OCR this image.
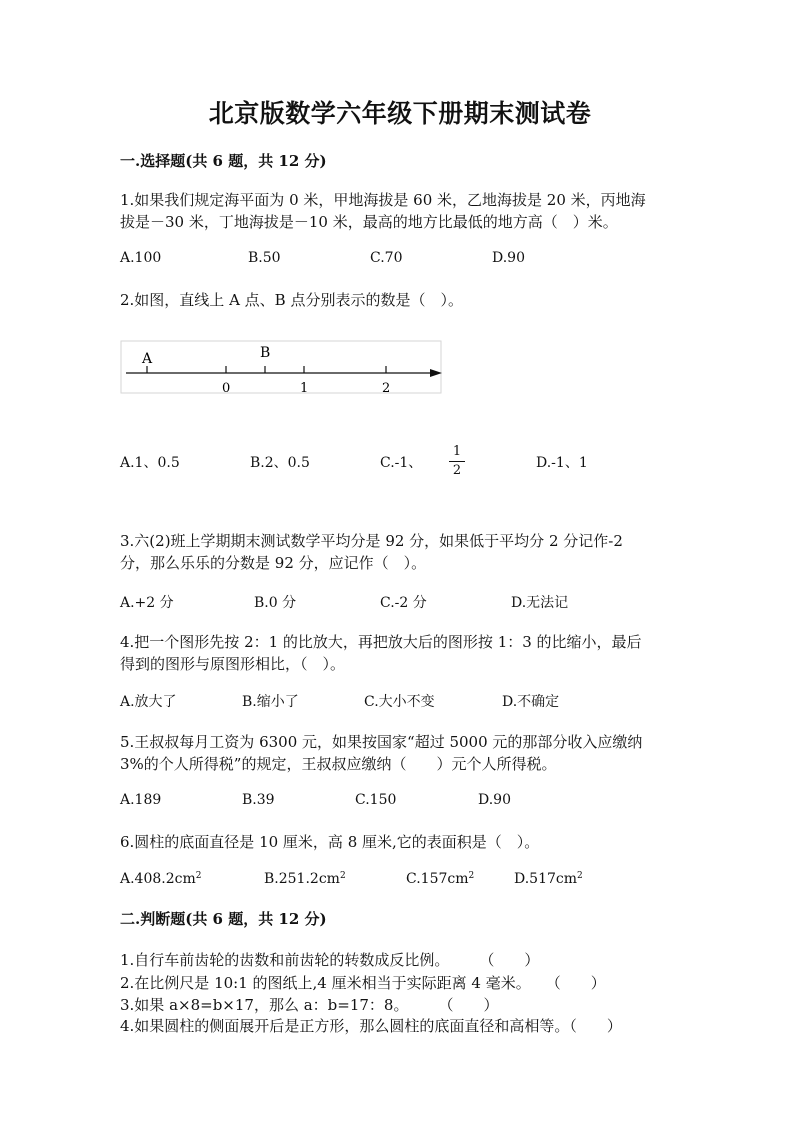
北京版数学六年级下册期末测试卷
一.选择题(共 6 题，共 12 分)
1.如果我们规定海平面为 0 米，甲地海拔是 60 米，乙地海拔是 20 米，丙地海
拔是－30 米，丁地海拔是－10 米，最高的地方比最低的地方高（　）米。
A.100	B.50	C.70	D.90
2.如图，直线上 A 点、B 点分别表示的数是（　）。
A	B
0	1	2
A.1、0.5	B.2、0.5	C.-1、 $\frac{1}{2}$	D.-1、1
3.六(2)班上学期期末测试数学平均分是 92 分，如果低于平均分 2 分记作-2
分，那么乐乐的分数是 92 分，应记作（　）。
A.+2 分	B.0 分	C.-2 分	D.无法记
4.把一个图形先按 2：1 的比放大，再把放大后的图形按 1：3 的比缩小，最后
得到的图形与原图形相比，（　）。
A.放大了	B.缩小了	C.大小不变	D.不确定
5.王叔叔每月工资为 6300 元，如果按国家“超过 5000 元的那部分收入应缴纳
3%的个人所得税”的规定，王叔叔应缴纳（　　）元个人所得税。
A.189	B.39	C.150	D.90
6.圆柱的底面直径是 10 厘米，高 8 厘米,它的表面积是（　）。
$A.408.2cm^2$	$B.251.2cm^2$	$C.157cm^2$	$D.517cm^2$
二.判断题(共 6 题，共 12 分)
1.自行车前齿轮的齿数和前齿轮的转数成反比例。　　　（　　）
2.在比例尺是 10:1 的图纸上,4 厘米相当于实际距离 4 毫米。　　（　　）
3.如果 a×8=b×17，那么 a：b=17：8。　　　（　　）
4.如果圆柱的侧面展开后是正方形，那么圆柱的底面直径和高相等。（　　）
